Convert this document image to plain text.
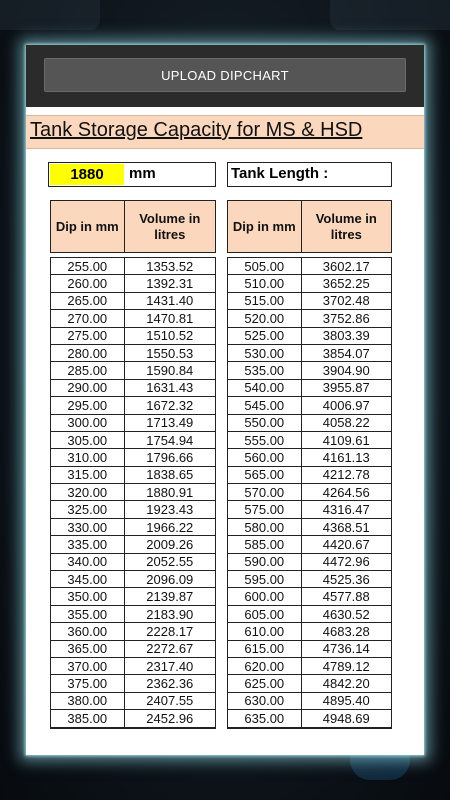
UPLOAD DIPCHART
Tank Storage Capacity for MS & HSD
1880	mm	Tank Length :
Dip in mm
Volume in litres
Dip in mm
Volume in litres
255.00	1353.52
260.00	1392.31
265.00	1431.40
270.00	1470.81
275.00	1510.52
280.00	1550.53
285.00	1590.84
290.00	1631.43
295.00	1672.32
300.00	1713.49
305.00	1754.94
310.00	1796.66
315.00	1838.65
320.00	1880.91
325.00	1923.43
330.00	1966.22
335.00	2009.26
340.00	2052.55
345.00	2096.09
350.00	2139.87
355.00	2183.90
360.00	2228.17
365.00	2272.67
370.00	2317.40
375.00	2362.36
380.00	2407.55
385.00	2452.96
505.00	3602.17
510.00	3652.25
515.00	3702.48
520.00	3752.86
525.00	3803.39
530.00	3854.07
535.00	3904.90
540.00	3955.87
545.00	4006.97
550.00	4058.22
555.00	4109.61
560.00	4161.13
565.00	4212.78
570.00	4264.56
575.00	4316.47
580.00	4368.51
585.00	4420.67
590.00	4472.96
595.00	4525.36
600.00	4577.88
605.00	4630.52
610.00	4683.28
615.00	4736.14
620.00	4789.12
625.00	4842.20
630.00	4895.40
635.00	4948.69
